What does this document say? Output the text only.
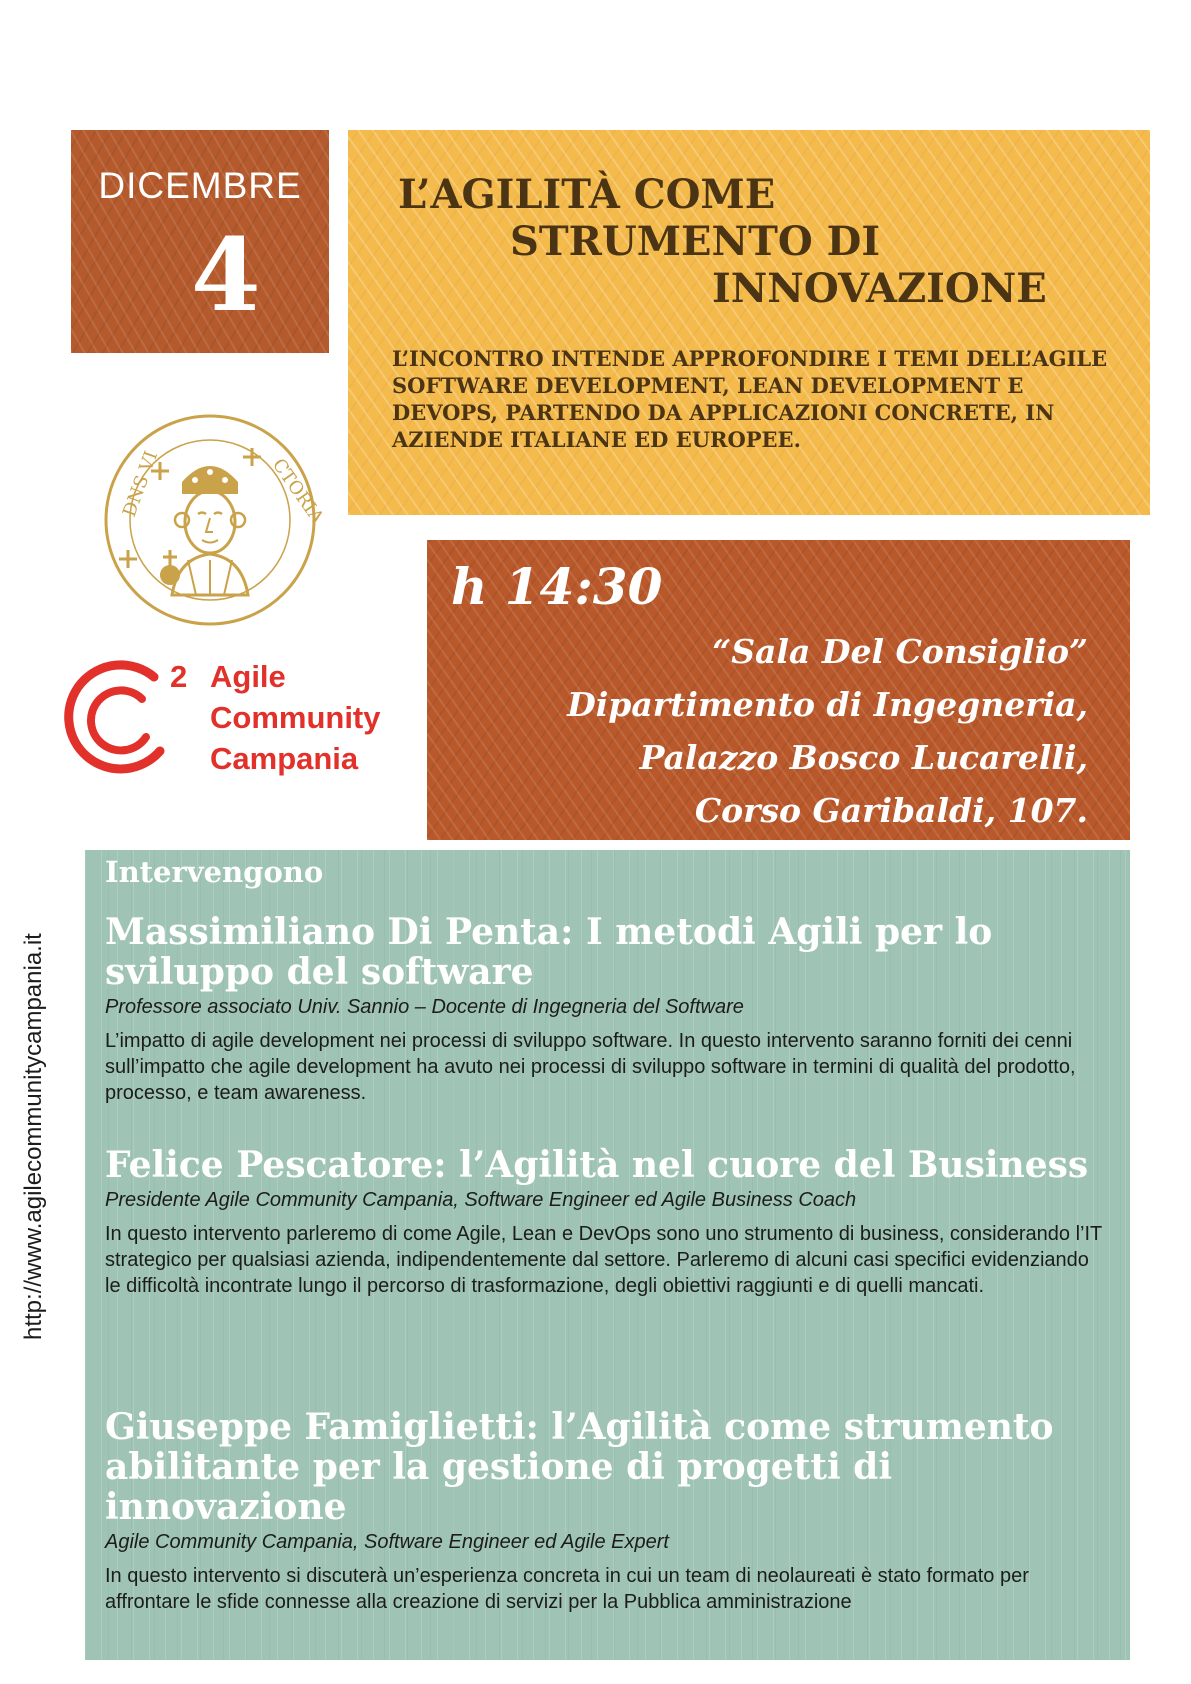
DICEMBRE
4
L’AGILITÀ COME
STRUMENTO DI
INNOVAZIONE
L’INCONTRO INTENDE APPROFONDIRE I TEMI DELL’AGILE SOFTWARE DEVELOPMENT, LEAN DEVELOPMENT E DEVOPS, PARTENDO DA APPLICAZIONI CONCRETE, IN AZIENDE ITALIANE ED EUROPEE.
DNS VI	CTORIA
2 Agile
Community
Campania
h 14:30
“Sala Del Consiglio”
Dipartimento di Ingegneria,
Palazzo Bosco Lucarelli,
Corso Garibaldi, 107.
http://www.agilecommunitycampania.it
Intervengono

Massimiliano Di Penta: I metodi Agili per lo sviluppo del software

Professore associato Univ. Sannio – Docente di Ingegneria del Software

L’impatto di agile development nei processi di sviluppo software. In questo intervento saranno forniti dei cenni sull’impatto che agile development ha avuto nei processi di sviluppo software in termini di qualità del prodotto, processo, e team awareness.

Felice Pescatore: l’Agilità nel cuore del Business

Presidente Agile Community Campania, Software Engineer ed Agile Business Coach

In questo intervento parleremo di come Agile, Lean e DevOps sono uno strumento di business, considerando l’IT strategico per qualsiasi azienda, indipendentemente dal settore. Parleremo di alcuni casi specifici evidenziando le difficoltà incontrate lungo il percorso di trasformazione, degli obiettivi raggiunti e di quelli mancati.

Giuseppe Famiglietti: l’Agilità come strumento abilitante per la gestione di progetti di innovazione

Agile Community Campania, Software Engineer ed Agile Expert

In questo intervento si discuterà un’esperienza concreta in cui un team di neolaureati è stato formato per affrontare le sfide connesse alla creazione di servizi per la Pubblica amministrazione
